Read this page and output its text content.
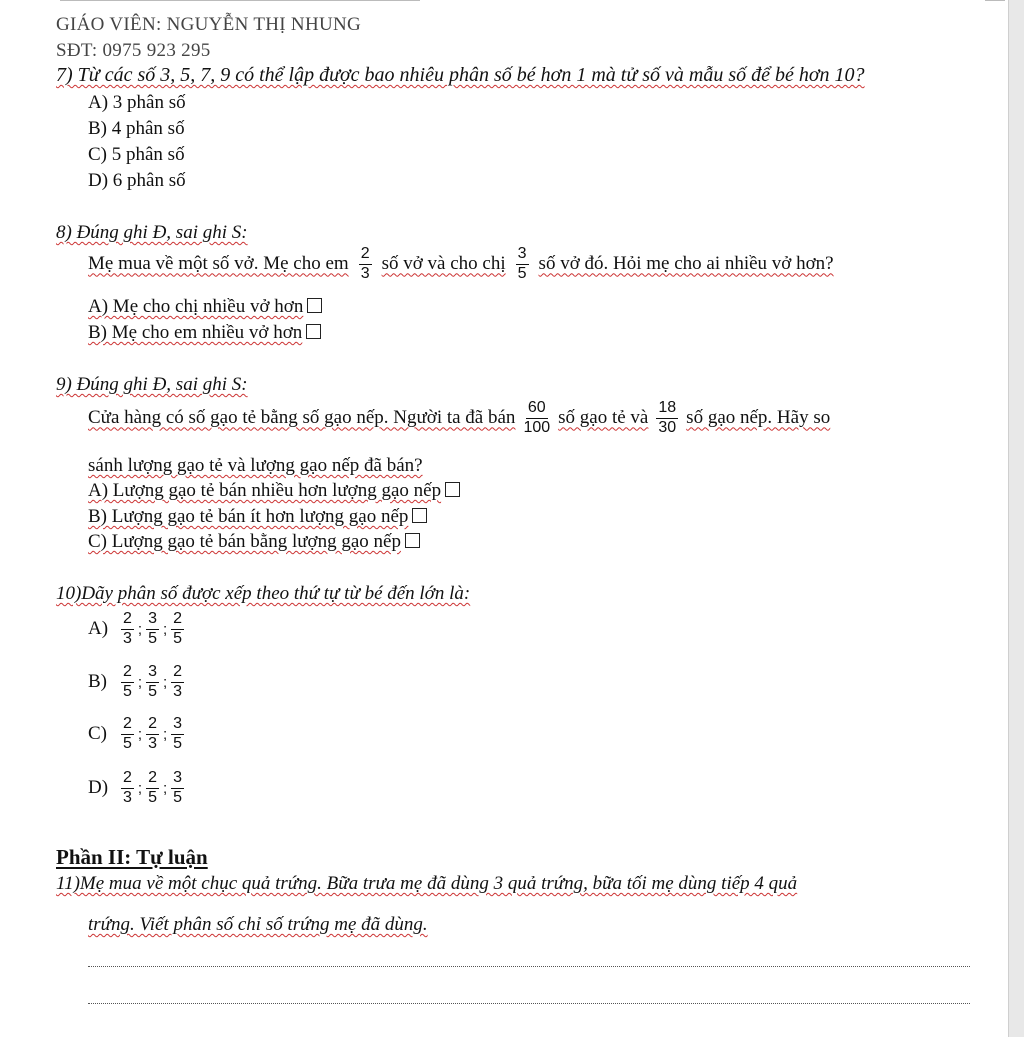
GIÁO VIÊN: NGUYỄN THỊ NHUNG
SĐT: 0975 923 295
7) Từ các số 3, 5, 7, 9 có thể lập được bao nhiêu phân số bé hơn 1 mà tử số và mẫu số để bé hơn 10?
A) 3 phân số
B) 4 phân số
C) 5 phân số
D) 6 phân số
8) Đúng ghi Đ, sai ghi S:
Mẹ mua về một số vở. Mẹ cho em $\frac{2}{3}$ số vở và cho chị $\frac{3}{5}$ số vở đó. Hỏi mẹ cho ai nhiều vở hơn?
A) Mẹ cho chị nhiều vở hơn
B) Mẹ cho em nhiều vở hơn
9) Đúng ghi Đ, sai ghi S:
Cửa hàng có số gạo tẻ bằng số gạo nếp. Người ta đã bán $\frac{60}{100}$ số gạo tẻ và $\frac{18}{30}$ số gạo nếp. Hãy so
sánh lượng gạo tẻ và lượng gạo nếp đã bán?
A) Lượng gạo tẻ bán nhiều hơn lượng gạo nếp
B) Lượng gạo tẻ bán ít hơn lượng gạo nếp
C) Lượng gạo tẻ bán bằng lượng gạo nếp
10)Dãy phân số được xếp theo thứ tự từ bé đến lớn là:
$A) \frac{2}{3}$ ; $\frac{3}{5}$ ; $\frac{2}{5}$
$B) \frac{2}{5}$ ; $\frac{3}{5}$ ; $\frac{2}{3}$
$C) \frac{2}{5}$ ; $\frac{2}{3}$ ; $\frac{3}{5}$
$D) \frac{2}{3}$ ; $\frac{2}{5}$ ; $\frac{3}{5}$
Phần II: Tự luận
11)Mẹ mua về một chục quả trứng. Bữa trưa mẹ đã dùng 3 quả trứng, bữa tối mẹ dùng tiếp 4 quả
trứng. Viết phân số chỉ số trứng mẹ đã dùng.
